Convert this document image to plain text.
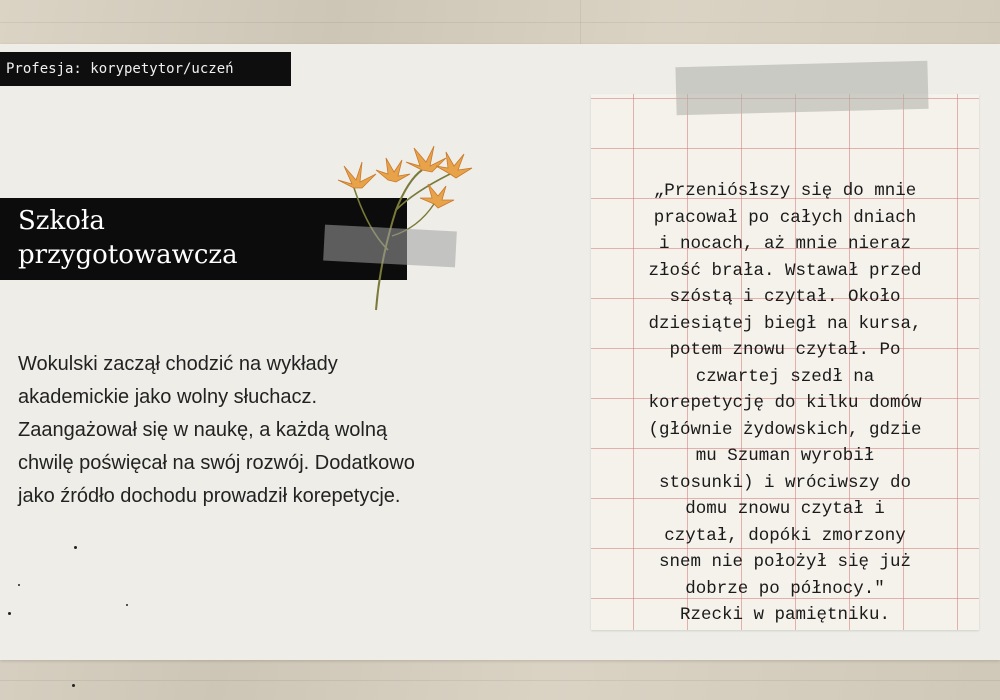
Profesja: korypetytor/uczeń
Szkoła
przygotowawcza

Wokulski zaczął chodzić na wykłady akademickie jako wolny słuchacz. Zaangażował się w naukę, a każdą wolną chwilę poświęcał na swój rozwój. Dodatkowo jako źródło dochodu prowadził korepetycje.

„Przeniósłszy się do mnie
pracował po całych dniach
i nocach, aż mnie nieraz
złość brała. Wstawał przed
szóstą i czytał. Około
dziesiątej biegł na kursa,
potem znowu czytał. Po
czwartej szedł na
korepetycję do kilku domów
(głównie żydowskich, gdzie
mu Szuman wyrobił
stosunki) i wróciwszy do
domu znowu czytał i
czytał, dopóki zmorzony
snem nie położył się już
dobrze po północy."
Rzecki w pamiętniku.
